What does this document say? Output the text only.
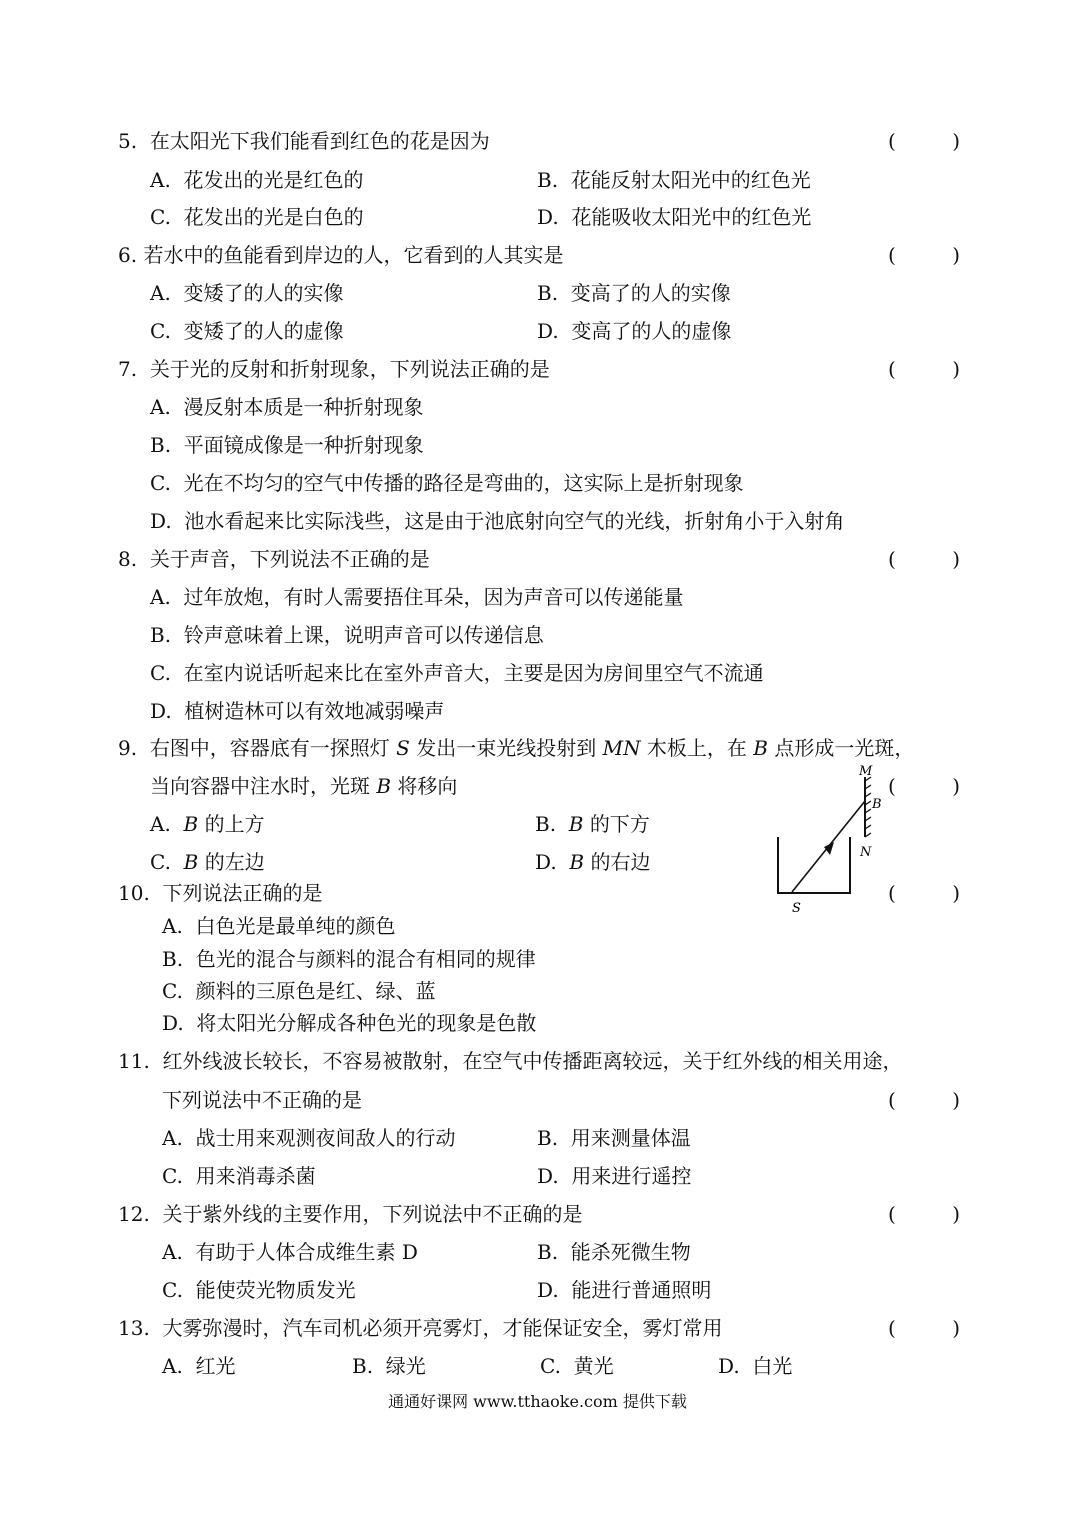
5. 在太阳光下我们能看到红色的花是因为	(	)
A. 花发出的光是红色的	B. 花能反射太阳光中的红色光
C. 花发出的光是白色的	D. 花能吸收太阳光中的红色光
6. 若水中的鱼能看到岸边的人，它看到的人其实是	(	)
A. 变矮了的人的实像	B. 变高了的人的实像
C. 变矮了的人的虚像	D. 变高了的人的虚像
7. 关于光的反射和折射现象，下列说法正确的是	(	)
A. 漫反射本质是一种折射现象
B. 平面镜成像是一种折射现象
C. 光在不均匀的空气中传播的路径是弯曲的，这实际上是折射现象
D. 池水看起来比实际浅些，这是由于池底射向空气的光线，折射角小于入射角
8. 关于声音，下列说法不正确的是	(	)
A. 过年放炮，有时人需要捂住耳朵，因为声音可以传递能量
B. 铃声意味着上课，说明声音可以传递信息
C. 在室内说话听起来比在室外声音大，主要是因为房间里空气不流通
D. 植树造林可以有效地减弱噪声
9. 右图中，容器底有一探照灯 S 发出一束光线投射到 MN 木板上，在 B 点形成一光斑，
当向容器中注水时，光斑 B 将移向	(	)
A. B 的上方	B. B 的下方
C. B 的左边	D. B 的右边
M
B
N
S
10. 下列说法正确的是	(	)
A. 白色光是最单纯的颜色
B. 色光的混合与颜料的混合有相同的规律
C. 颜料的三原色是红、绿、蓝
D. 将太阳光分解成各种色光的现象是色散
11. 红外线波长较长，不容易被散射，在空气中传播距离较远，关于红外线的相关用途，
下列说法中不正确的是	(	)
A. 战士用来观测夜间敌人的行动	B. 用来测量体温
C. 用来消毒杀菌	D. 用来进行遥控
12. 关于紫外线的主要作用，下列说法中不正确的是	(	)
A. 有助于人体合成维生素 D	B. 能杀死微生物
C. 能使荧光物质发光	D. 能进行普通照明
13. 大雾弥漫时，汽车司机必须开亮雾灯，才能保证安全，雾灯常用	(	)
A. 红光	B. 绿光	C. 黄光	D. 白光
通通好课网 www.tthaoke.com 提供下载
